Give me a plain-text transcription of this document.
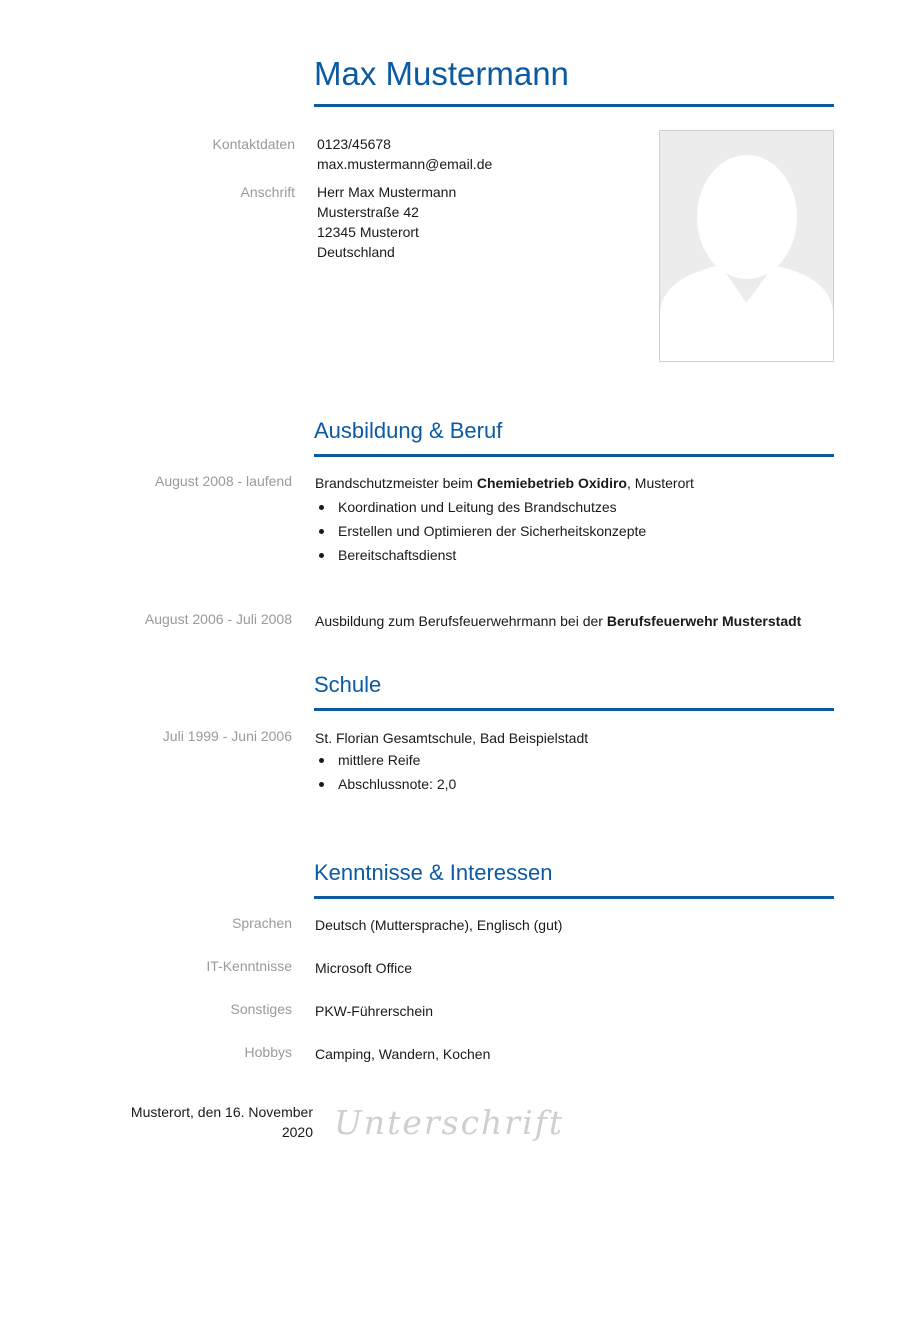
Max Mustermann
Kontaktdaten 0123/45678
max.mustermann@email.de
Anschrift Herr Max Mustermann
Musterstraße 42
12345 Musterort
Deutschland
Ausbildung & Beruf
August 2008 - laufend Brandschutzmeister beim Chemiebetrieb Oxidiro, Musterort
Koordination und Leitung des Brandschutzes
Erstellen und Optimieren der Sicherheitskonzepte
Bereitschaftsdienst
August 2006 - Juli 2008 Ausbildung zum Berufsfeuerwehrmann bei der Berufsfeuerwehr Musterstadt
Schule
Juli 1999 - Juni 2006 St. Florian Gesamtschule, Bad Beispielstadt
mittlere Reife
Abschlussnote: 2,0
Kenntnisse & Interessen
Sprachen Deutsch (Muttersprache), Englisch (gut)
IT-Kenntnisse Microsoft Office
Sonstiges PKW-Führerschein
Hobbys Camping, Wandern, Kochen
Musterort, den 16. November
2020 Unterschrift
